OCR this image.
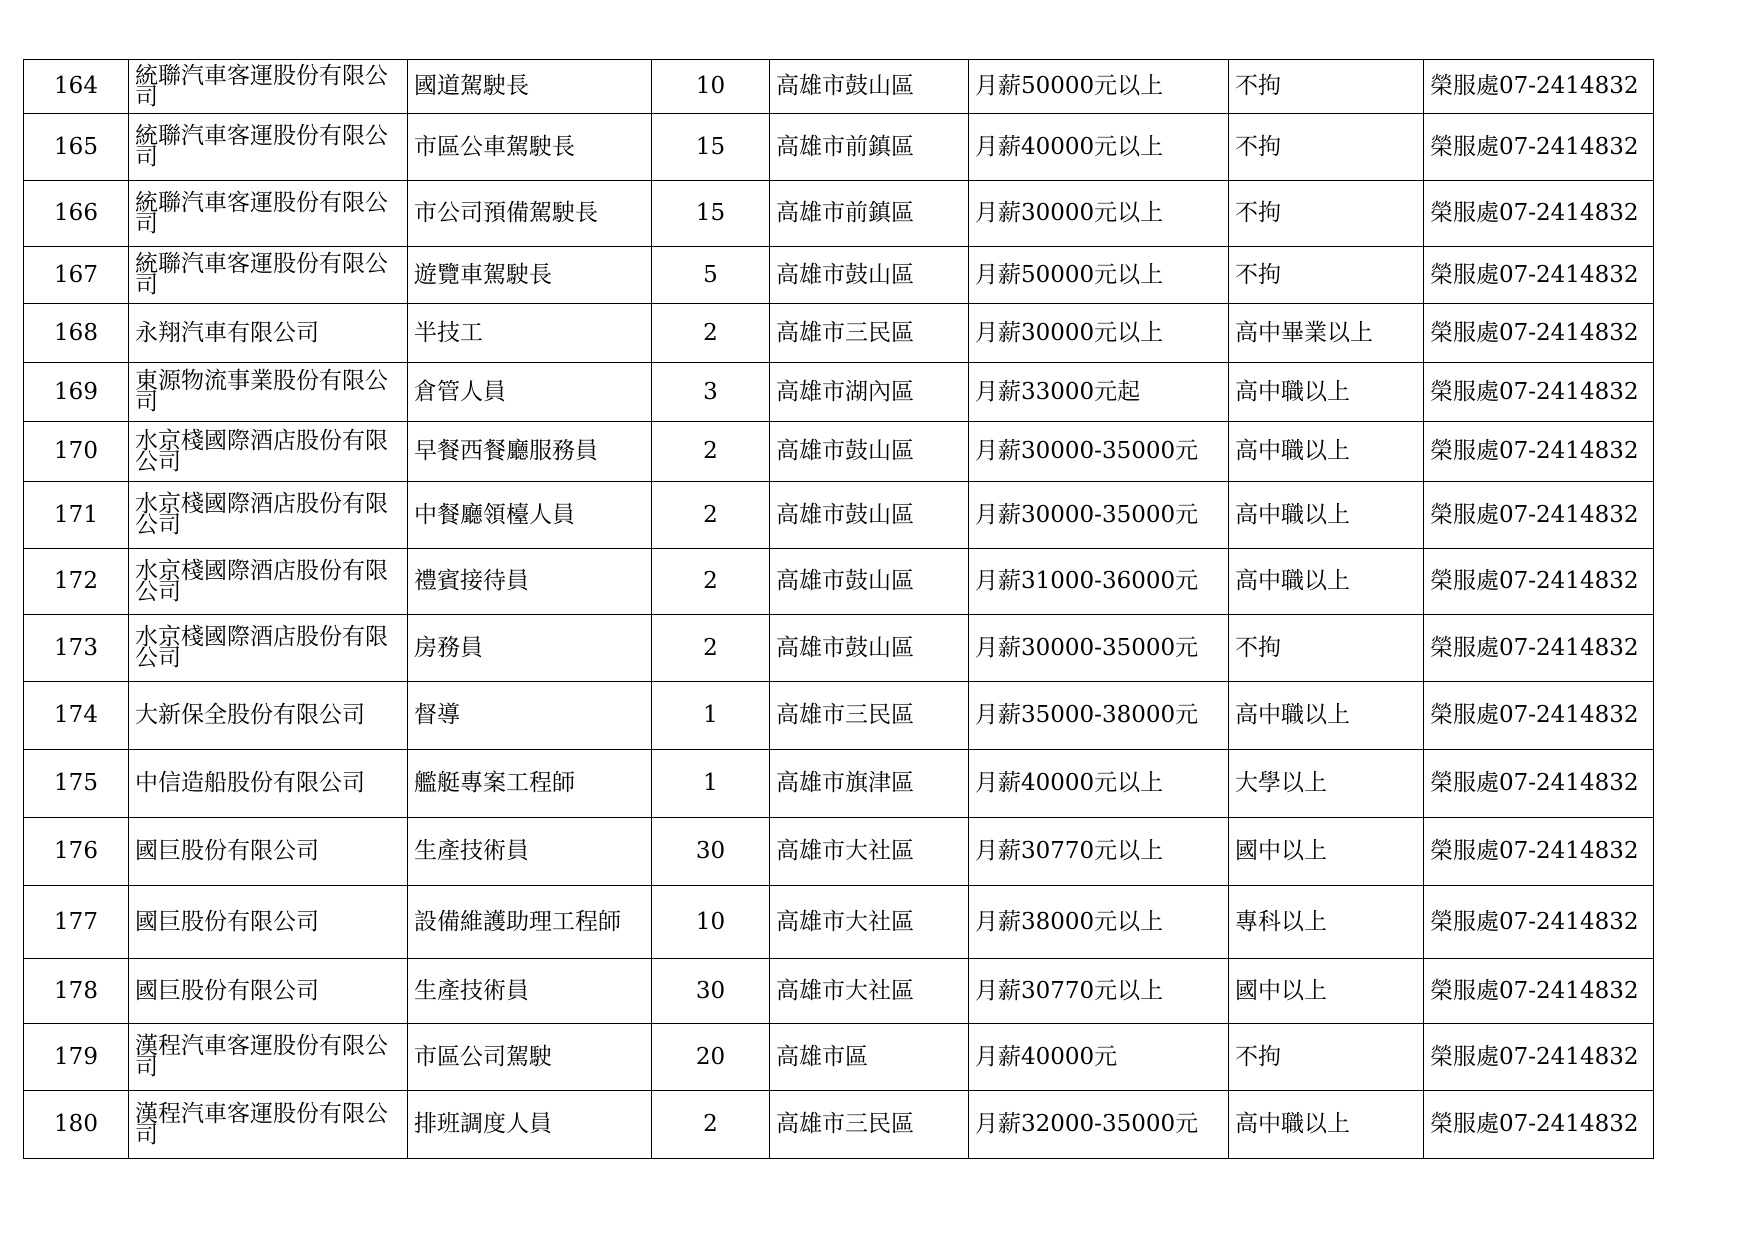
164	統聯汽車客運股份有限公司	國道駕駛長	10	高雄市鼓山區	月薪50000元以上	不拘	榮服處07-2414832
165	統聯汽車客運股份有限公司	市區公車駕駛長	15	高雄市前鎮區	月薪40000元以上	不拘	榮服處07-2414832
166	統聯汽車客運股份有限公司	市公司預備駕駛長	15	高雄市前鎮區	月薪30000元以上	不拘	榮服處07-2414832
167	統聯汽車客運股份有限公司	遊覽車駕駛長	5	高雄市鼓山區	月薪50000元以上	不拘	榮服處07-2414832
168	永翔汽車有限公司	半技工	2	高雄市三民區	月薪30000元以上	高中畢業以上	榮服處07-2414832
169	東源物流事業股份有限公司	倉管人員	3	高雄市湖內區	月薪33000元起	高中職以上	榮服處07-2414832
170	水京棧國際酒店股份有限公司	早餐西餐廳服務員	2	高雄市鼓山區	月薪30000-35000元	高中職以上	榮服處07-2414832
171	水京棧國際酒店股份有限公司	中餐廳領檯人員	2	高雄市鼓山區	月薪30000-35000元	高中職以上	榮服處07-2414832
172	水京棧國際酒店股份有限公司	禮賓接待員	2	高雄市鼓山區	月薪31000-36000元	高中職以上	榮服處07-2414832
173	水京棧國際酒店股份有限公司	房務員	2	高雄市鼓山區	月薪30000-35000元	不拘	榮服處07-2414832
174	大新保全股份有限公司	督導	1	高雄市三民區	月薪35000-38000元	高中職以上	榮服處07-2414832
175	中信造船股份有限公司	艦艇專案工程師	1	高雄市旗津區	月薪40000元以上	大學以上	榮服處07-2414832
176	國巨股份有限公司	生產技術員	30	高雄市大社區	月薪30770元以上	國中以上	榮服處07-2414832
177	國巨股份有限公司	設備維護助理工程師	10	高雄市大社區	月薪38000元以上	專科以上	榮服處07-2414832
178	國巨股份有限公司	生產技術員	30	高雄市大社區	月薪30770元以上	國中以上	榮服處07-2414832
179	漢程汽車客運股份有限公司	市區公司駕駛	20	高雄市區	月薪40000元	不拘	榮服處07-2414832
180	漢程汽車客運股份有限公司	排班調度人員	2	高雄市三民區	月薪32000-35000元	高中職以上	榮服處07-2414832
